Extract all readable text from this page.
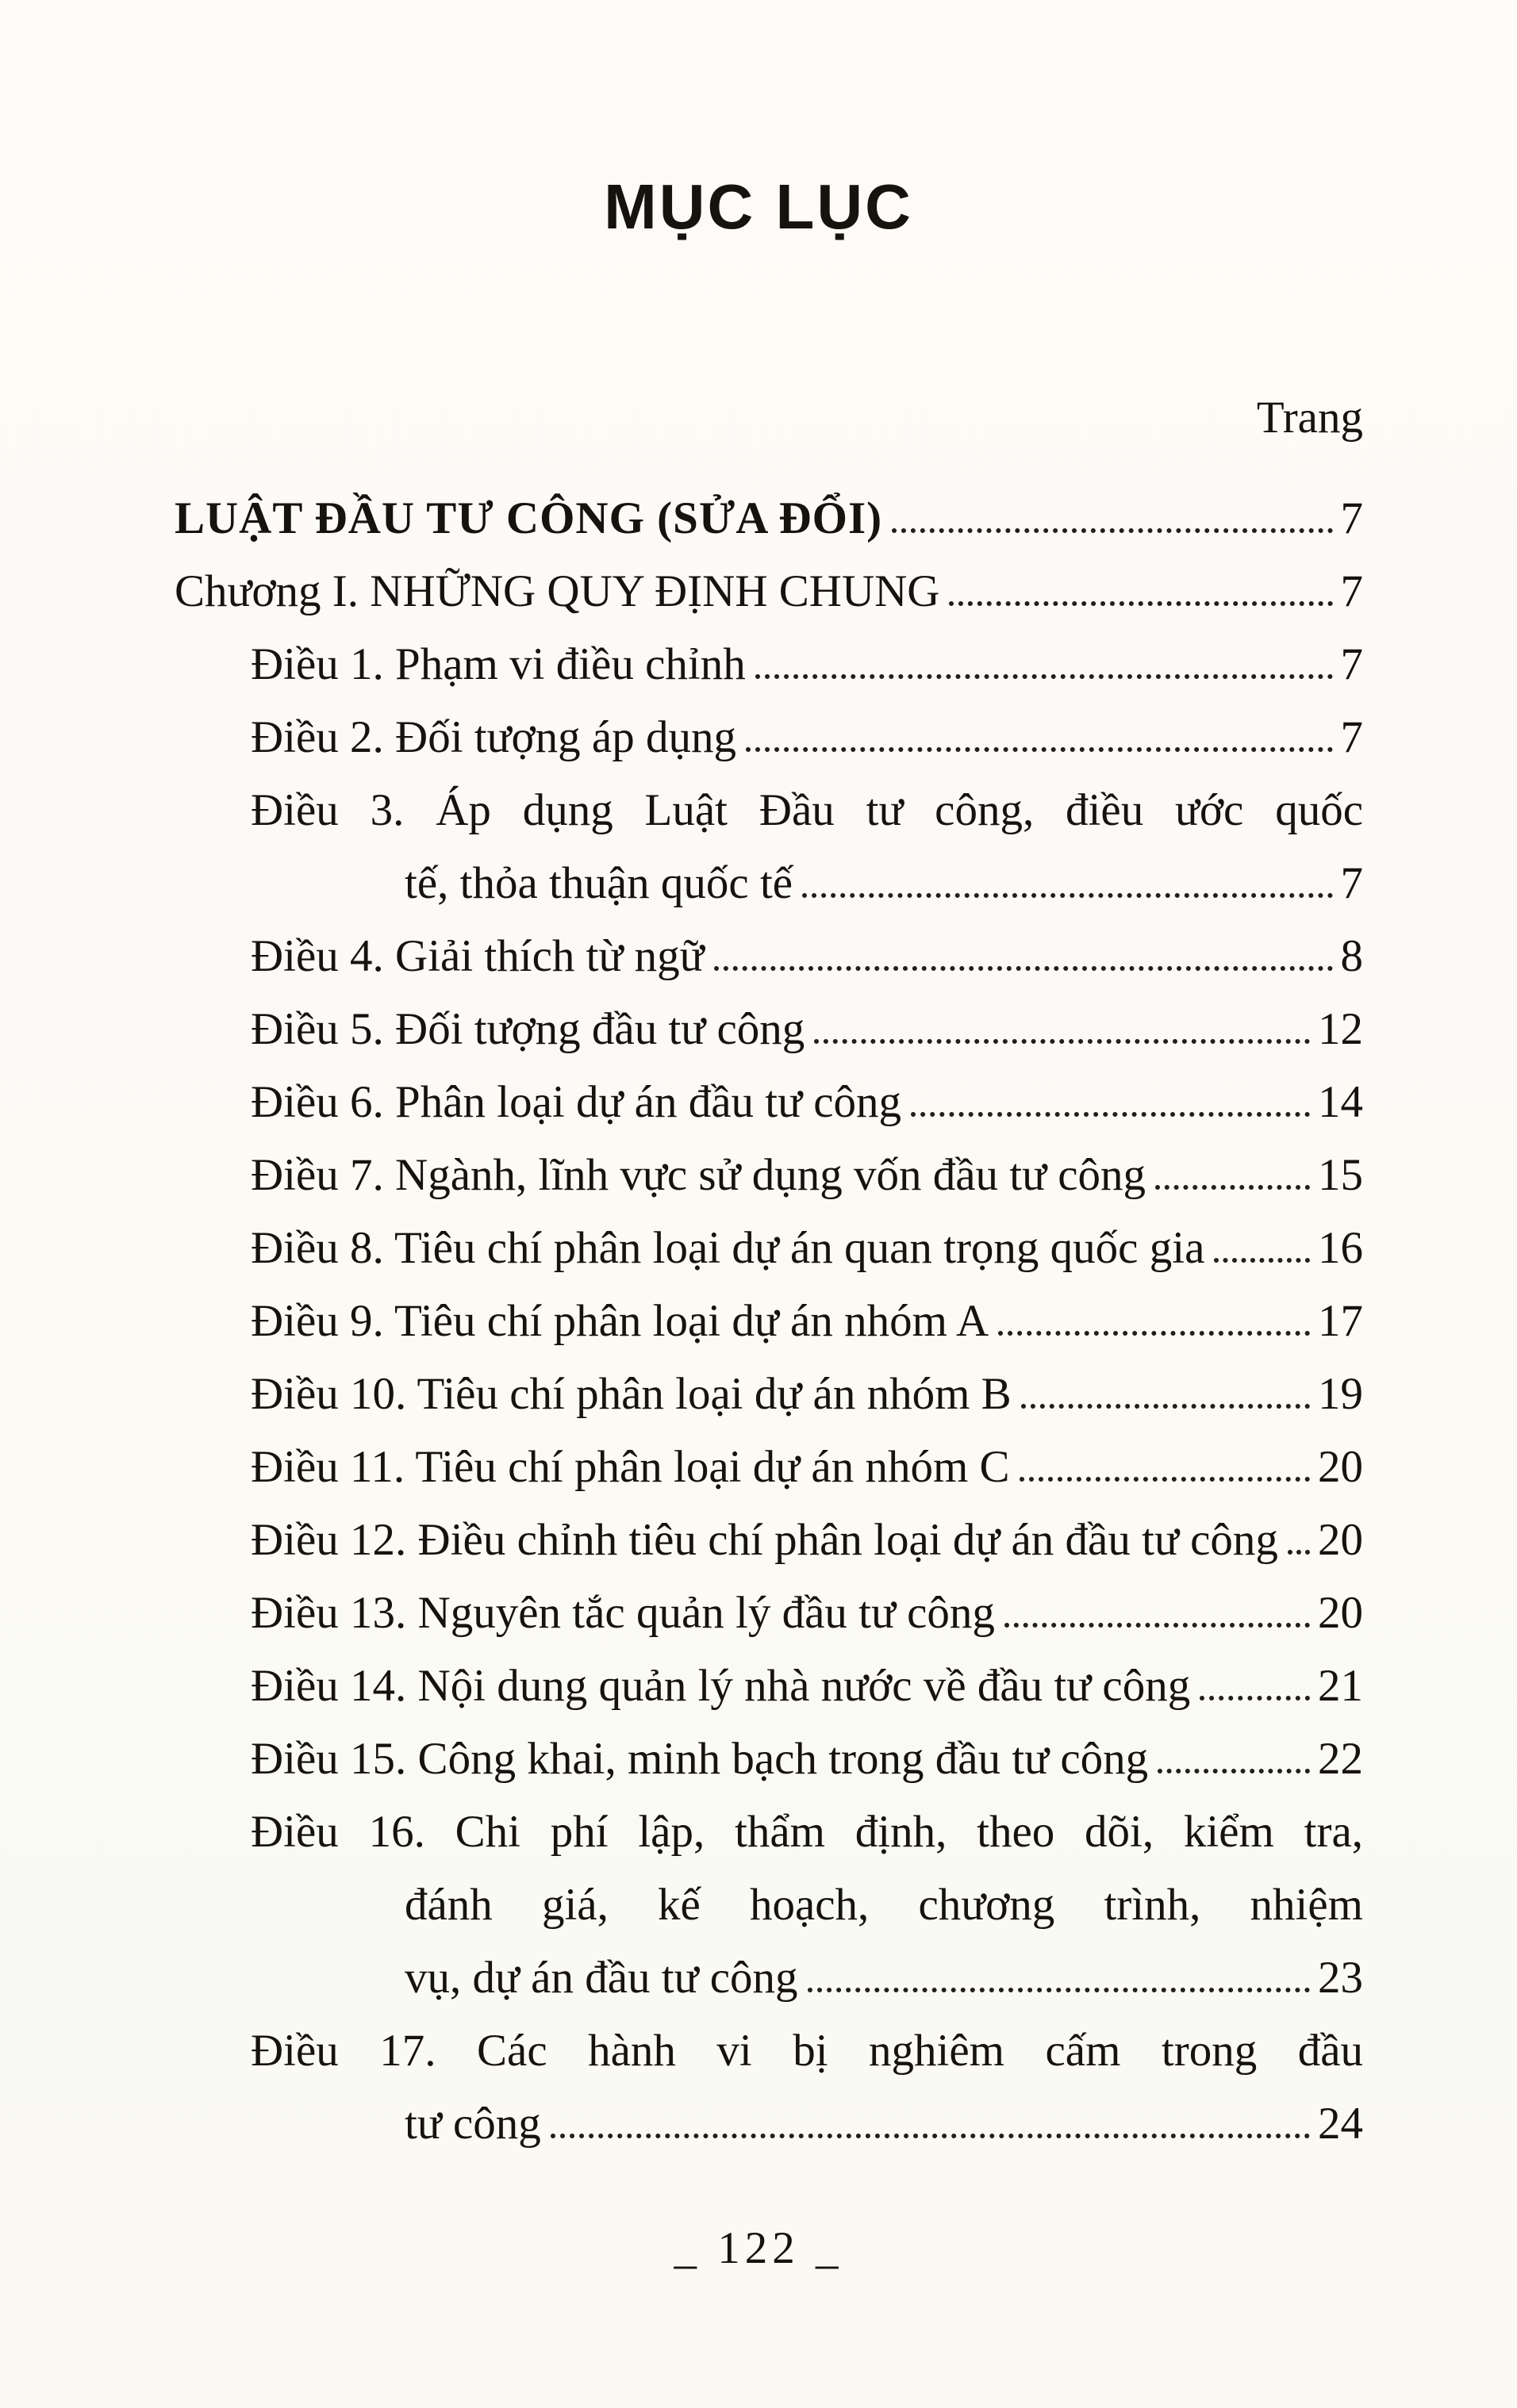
MỤC LỤC
Trang
LUẬT ĐẦU TƯ CÔNG (SỬA ĐỔI)	7
Chương I. NHỮNG QUY ĐỊNH CHUNG	7
Điều 1. Phạm vi điều chỉnh	7
Điều 2. Đối tượng áp dụng	7
Điều 3. Áp dụng Luật Đầu tư công, điều ước quốc
tế, thỏa thuận quốc tế	7
Điều 4. Giải thích từ ngữ	8
Điều 5. Đối tượng đầu tư công	12
Điều 6. Phân loại dự án đầu tư công	14
Điều 7. Ngành, lĩnh vực sử dụng vốn đầu tư công	15
Điều 8. Tiêu chí phân loại dự án quan trọng quốc gia	16
Điều 9. Tiêu chí phân loại dự án nhóm A	17
Điều 10. Tiêu chí phân loại dự án nhóm B	19
Điều 11. Tiêu chí phân loại dự án nhóm C	20
Điều 12. Điều chỉnh tiêu chí phân loại dự án đầu tư công 20
Điều 13. Nguyên tắc quản lý đầu tư công	20
Điều 14. Nội dung quản lý nhà nước về đầu tư công	21
Điều 15. Công khai, minh bạch trong đầu tư công	22
Điều 16. Chi phí lập, thẩm định, theo dõi, kiểm tra,
đánh giá, kế hoạch, chương trình, nhiệm
vụ, dự án đầu tư công	23
Điều 17. Các hành vi bị nghiêm cấm trong đầu
tư công	24
_ 122 _
